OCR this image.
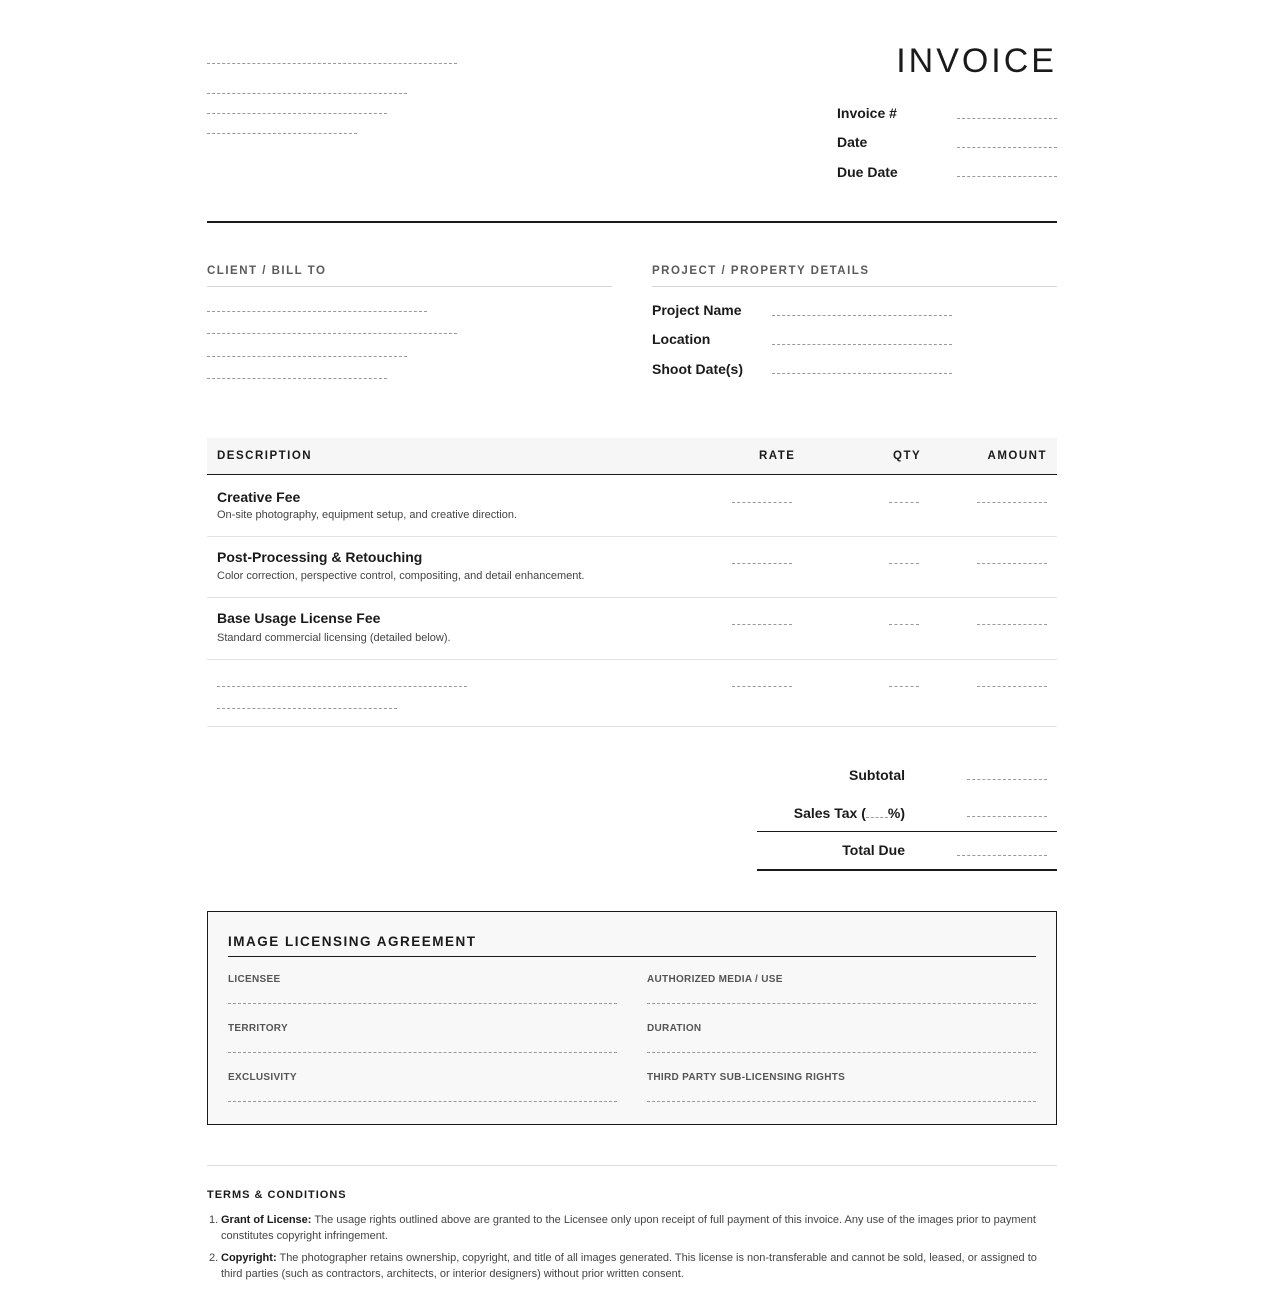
INVOICE
Invoice #
Date
Due Date
CLIENT / BILL TO	PROJECT / PROPERTY DETAILS
Project Name
Location
Shoot Date(s)
DESCRIPTION	RATE	QTY	AMOUNT
Creative Fee
On-site photography, equipment setup, and creative direction.
Post-Processing & Retouching
Color correction, perspective control, compositing, and detail enhancement.
Base Usage License Fee
Standard commercial licensing (detailed below).
Subtotal
Sales Tax ( %)
Total Due
IMAGE LICENSING AGREEMENT
LICENSEE	AUTHORIZED MEDIA / USE
TERRITORY	DURATION
EXCLUSIVITY	THIRD PARTY SUB-LICENSING RIGHTS
TERMS & CONDITIONS
1. Grant of License: The usage rights outlined above are granted to the Licensee only upon receipt of full payment of this invoice. Any use of the images prior to payment constitutes copyright infringement.
2. Copyright: The photographer retains ownership, copyright, and title of all images generated. This license is non-transferable and cannot be sold, leased, or assigned to third parties (such as contractors, architects, or interior designers) without prior written consent.
